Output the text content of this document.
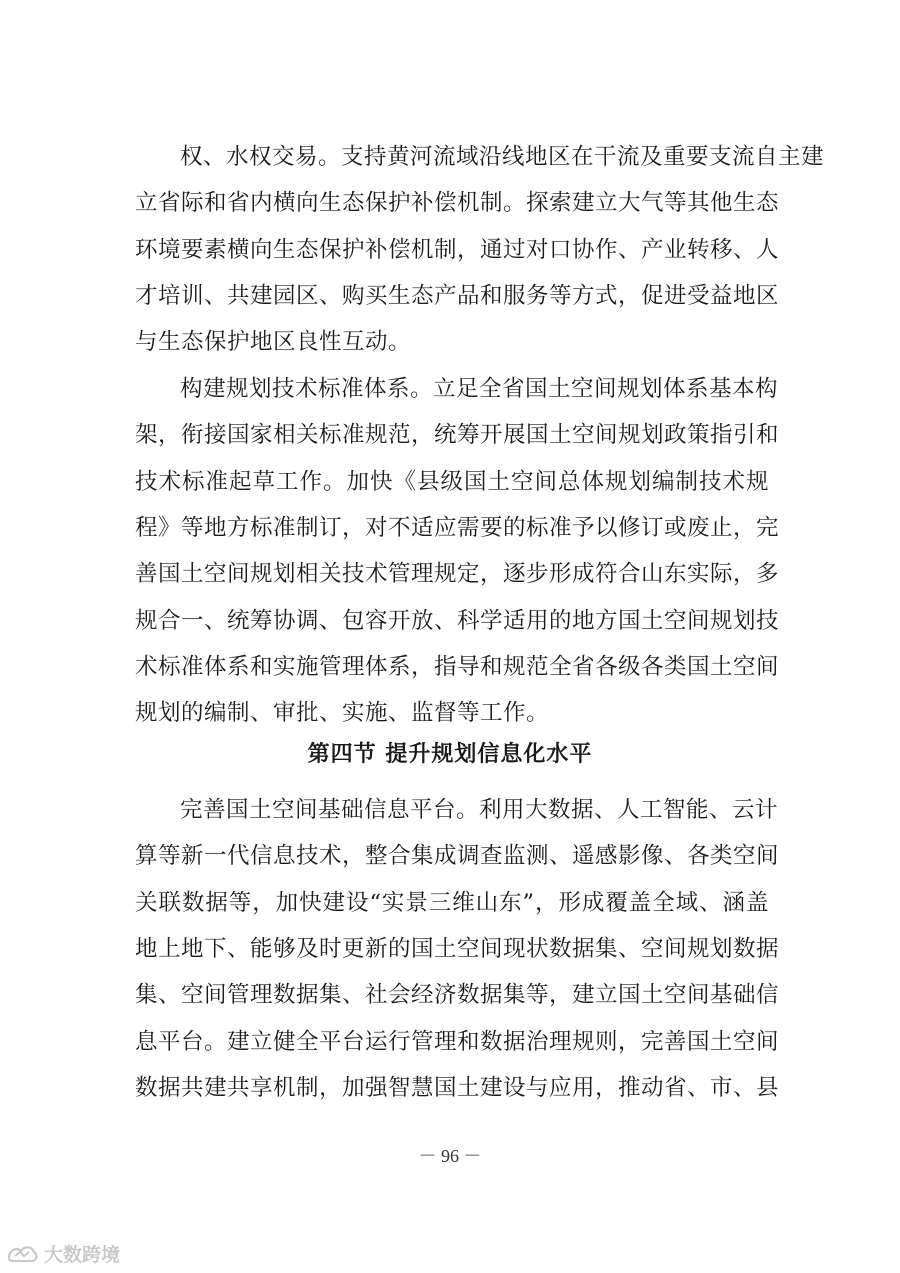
权、水权交易。支持黄河流域沿线地区在干流及重要支流自主建
立省际和省内横向生态保护补偿机制。探索建立大气等其他生态
环境要素横向生态保护补偿机制，通过对口协作、产业转移、人
才培训、共建园区、购买生态产品和服务等方式，促进受益地区
与生态保护地区良性互动。
构建规划技术标准体系。立足全省国土空间规划体系基本构
架，衔接国家相关标准规范，统筹开展国土空间规划政策指引和
技术标准起草工作。加快《县级国土空间总体规划编制技术规
程》等地方标准制订，对不适应需要的标准予以修订或废止，完
善国土空间规划相关技术管理规定，逐步形成符合山东实际，多
规合一、统筹协调、包容开放、科学适用的地方国土空间规划技
术标准体系和实施管理体系，指导和规范全省各级各类国土空间
规划的编制、审批、实施、监督等工作。
完善国土空间基础信息平台。利用大数据、人工智能、云计
算等新一代信息技术，整合集成调查监测、遥感影像、各类空间
关联数据等，加快建设“实景三维山东”，形成覆盖全域、涵盖
地上地下、能够及时更新的国土空间现状数据集、空间规划数据
集、空间管理数据集、社会经济数据集等，建立国土空间基础信
息平台。建立健全平台运行管理和数据治理规则，完善国土空间
数据共建共享机制，加强智慧国土建设与应用，推动省、市、县
第四节 提升规划信息化水平
－ 96 －
大数跨境
